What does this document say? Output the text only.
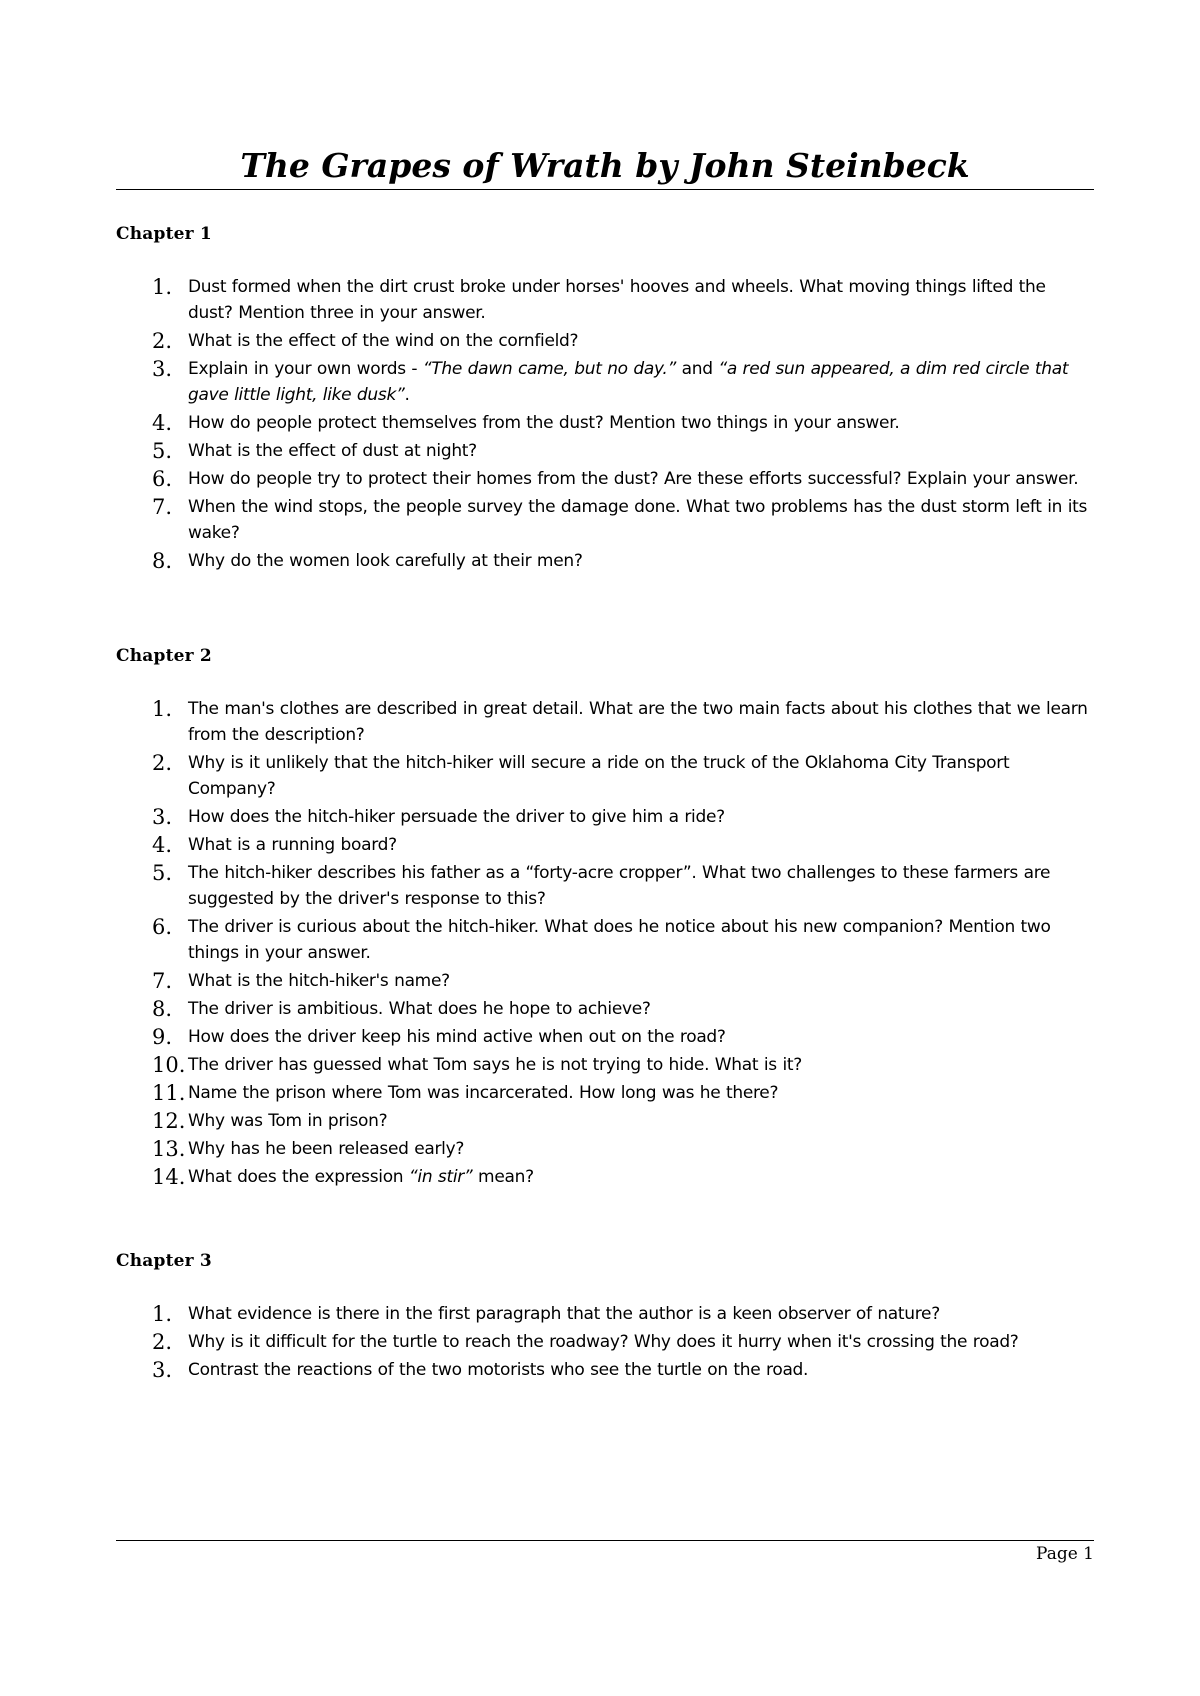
The Grapes of Wrath by John Steinbeck
Chapter 1
1. Dust formed when the dirt crust broke under horses' hooves and wheels. What moving things lifted the dust? Mention three in your answer.
2. What is the effect of the wind on the cornfield?
3. Explain in your own words - “The dawn came, but no day.” and “a red sun appeared, a dim red circle that gave little light, like dusk”.
4. How do people protect themselves from the dust? Mention two things in your answer.
5. What is the effect of dust at night?
6. How do people try to protect their homes from the dust? Are these efforts successful? Explain your answer.
7. When the wind stops, the people survey the damage done. What two problems has the dust storm left in its wake?
8. Why do the women look carefully at their men?
Chapter 2
1. The man's clothes are described in great detail. What are the two main facts about his clothes that we learn from the description?
2. Why is it unlikely that the hitch-hiker will secure a ride on the truck of the Oklahoma City Transport Company?
3. How does the hitch-hiker persuade the driver to give him a ride?
4. What is a running board?
5. The hitch-hiker describes his father as a “forty-acre cropper”. What two challenges to these farmers are suggested by the driver's response to this?
6. The driver is curious about the hitch-hiker. What does he notice about his new companion? Mention two things in your answer.
7. What is the hitch-hiker's name?
8. The driver is ambitious. What does he hope to achieve?
9. How does the driver keep his mind active when out on the road?
10. The driver has guessed what Tom says he is not trying to hide. What is it?
11. Name the prison where Tom was incarcerated. How long was he there?
12. Why was Tom in prison?
13. Why has he been released early?
14. What does the expression “in stir” mean?
Chapter 3
1. What evidence is there in the first paragraph that the author is a keen observer of nature?
2. Why is it difficult for the turtle to reach the roadway? Why does it hurry when it's crossing the road?
3. Contrast the reactions of the two motorists who see the turtle on the road.
Page 1
